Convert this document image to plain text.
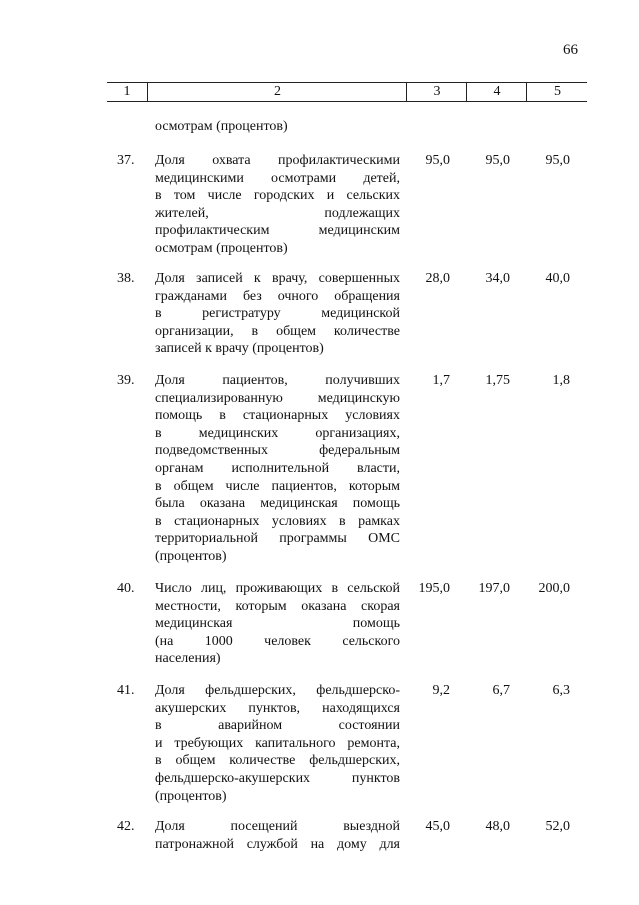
66
1	2	3	4	5
осмотрам (процентов)
37. Доля охвата профилактическими
медицинскими осмотрами детей,
в том числе городских и сельских
жителей, подлежащих
профилактическим медицинским
осмотрам (процентов)
95,0	95,0	95,0
38. Доля записей к врачу, совершенных
гражданами без очного обращения
в регистратуру медицинской
организации, в общем количестве
записей к врачу (процентов)
28,0	34,0	40,0
39. Доля пациентов, получивших
специализированную медицинскую
помощь в стационарных условиях
в медицинских организациях,
подведомственных федеральным
органам исполнительной власти,
в общем числе пациентов, которым
была оказана медицинская помощь
в стационарных условиях в рамках
территориальной программы ОМС
(процентов)
1,7	1,75	1,8
40. Число лиц, проживающих в сельской
местности, которым оказана скорая
медицинская помощь
(на 1000 человек сельского
населения)
195,0	197,0	200,0
41. Доля фельдшерских, фельдшерско-
акушерских пунктов, находящихся
в аварийном состоянии
и требующих капитального ремонта,
в общем количестве фельдшерских,
фельдшерско-акушерских пунктов
(процентов)
9,2	6,7	6,3
42. Доля посещений выездной
патронажной службой на дому для
45,0	48,0	52,0
